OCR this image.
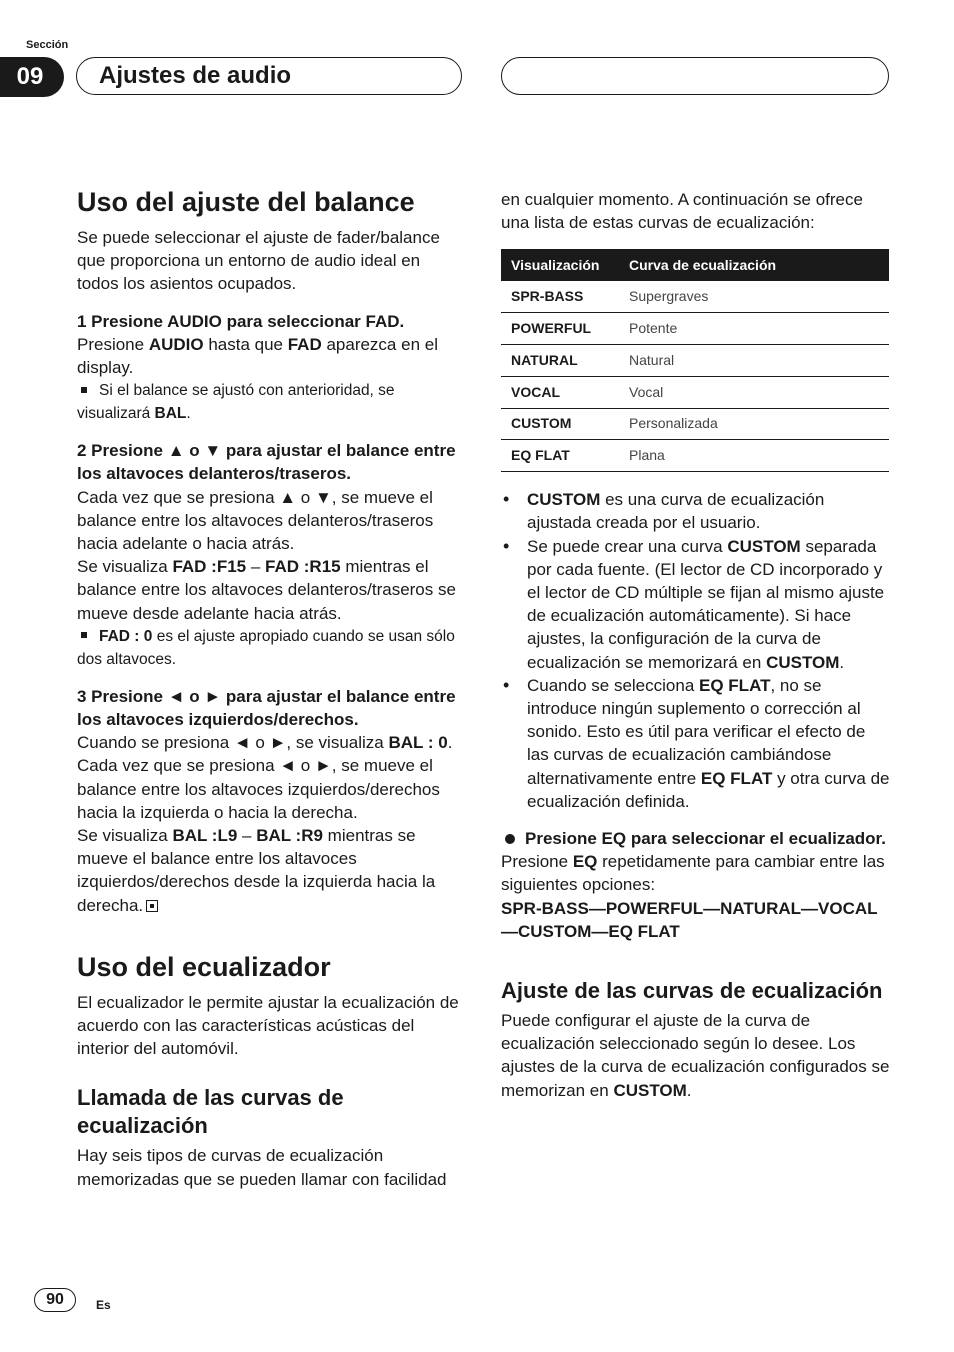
Sección
09	Ajustes de audio
Uso del ajuste del balance

Se puede seleccionar el ajuste de fader/balance que proporciona un entorno de audio ideal en todos los asientos ocupados.

1 Presione AUDIO para seleccionar FAD.

Presione AUDIO hasta que FAD aparezca en el display.

Si el balance se ajustó con anterioridad, se visualizará BAL.

2 Presione ▲ o ▼ para ajustar el balance entre los altavoces delanteros/traseros.

Cada vez que se presiona ▲ o ▼, se mueve el balance entre los altavoces delanteros/traseros hacia adelante o hacia atrás.

Se visualiza FAD :F15 – FAD :R15 mientras el balance entre los altavoces delanteros/traseros se mueve desde adelante hacia atrás.

FAD : 0 es el ajuste apropiado cuando se usan sólo dos altavoces.

3 Presione ◄ o ► para ajustar el balance entre los altavoces izquierdos/derechos.

Cuando se presiona ◄ o ►, se visualiza BAL : 0. Cada vez que se presiona ◄ o ►, se mueve el balance entre los altavoces izquierdos/derechos hacia la izquierda o hacia la derecha.

Se visualiza BAL :L9 – BAL :R9 mientras se mueve el balance entre los altavoces izquierdos/derechos desde la izquierda hacia la derecha.

Uso del ecualizador

El ecualizador le permite ajustar la ecualización de acuerdo con las características acústicas del interior del automóvil.

Llamada de las curvas de ecualización

Hay seis tipos de curvas de ecualización memorizadas que se pueden llamar con facilidad

en cualquier momento. A continuación se ofrece una lista de estas curvas de ecualización:

Visualización	Curva de ecualización
SPR-BASS	Supergraves
POWERFUL	Potente
NATURAL	Natural
VOCAL	Vocal
CUSTOM	Personalizada
EQ FLAT	Plana
• CUSTOM es una curva de ecualización ajustada creada por el usuario.
• Se puede crear una curva CUSTOM separada por cada fuente. (El lector de CD incorporado y el lector de CD múltiple se fijan al mismo ajuste de ecualización automáticamente). Si hace ajustes, la configuración de la curva de ecualización se memorizará en CUSTOM.
• Cuando se selecciona EQ FLAT, no se introduce ningún suplemento o corrección al sonido. Esto es útil para verificar el efecto de las curvas de ecualización cambiándose alternativamente entre EQ FLAT y otra curva de ecualización definida.

Presione EQ para seleccionar el ecualizador.

Presione EQ repetidamente para cambiar entre las siguientes opciones:

SPR-BASS—POWERFUL—NATURAL—VOCAL—CUSTOM—EQ FLAT

Ajuste de las curvas de ecualización

Puede configurar el ajuste de la curva de ecualización seleccionado según lo desee. Los ajustes de la curva de ecualización configurados se memorizan en CUSTOM.

90	Es
